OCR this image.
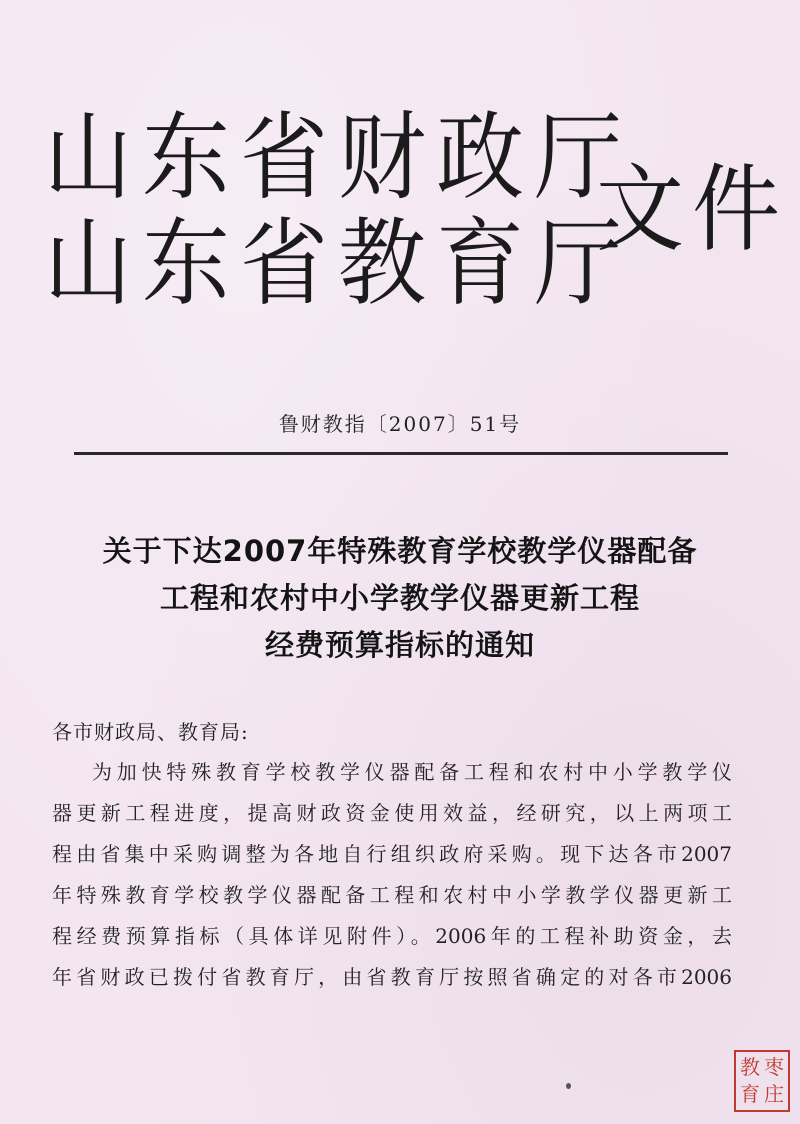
山东省财政厅
山东省教育厅
文件
鲁财教指〔2007〕51号
关于下达2007年特殊教育学校教学仪器配备
工程和农村中小学教学仪器更新工程
经费预算指标的通知
各市财政局、教育局:
为加快特殊教育学校教学仪器配备工程和农村中小学教学仪
器更新工程进度，提高财政资金使用效益，经研究，以上两项工
程由省集中采购调整为各地自行组织政府采购。现下达各市2007
年特殊教育学校教学仪器配备工程和农村中小学教学仪器更新工
程经费预算指标（具体详见附件）。2006年的工程补助资金，去
年省财政已拨付省教育厅，由省教育厅按照省确定的对各市2006
教 枣
育 庄
